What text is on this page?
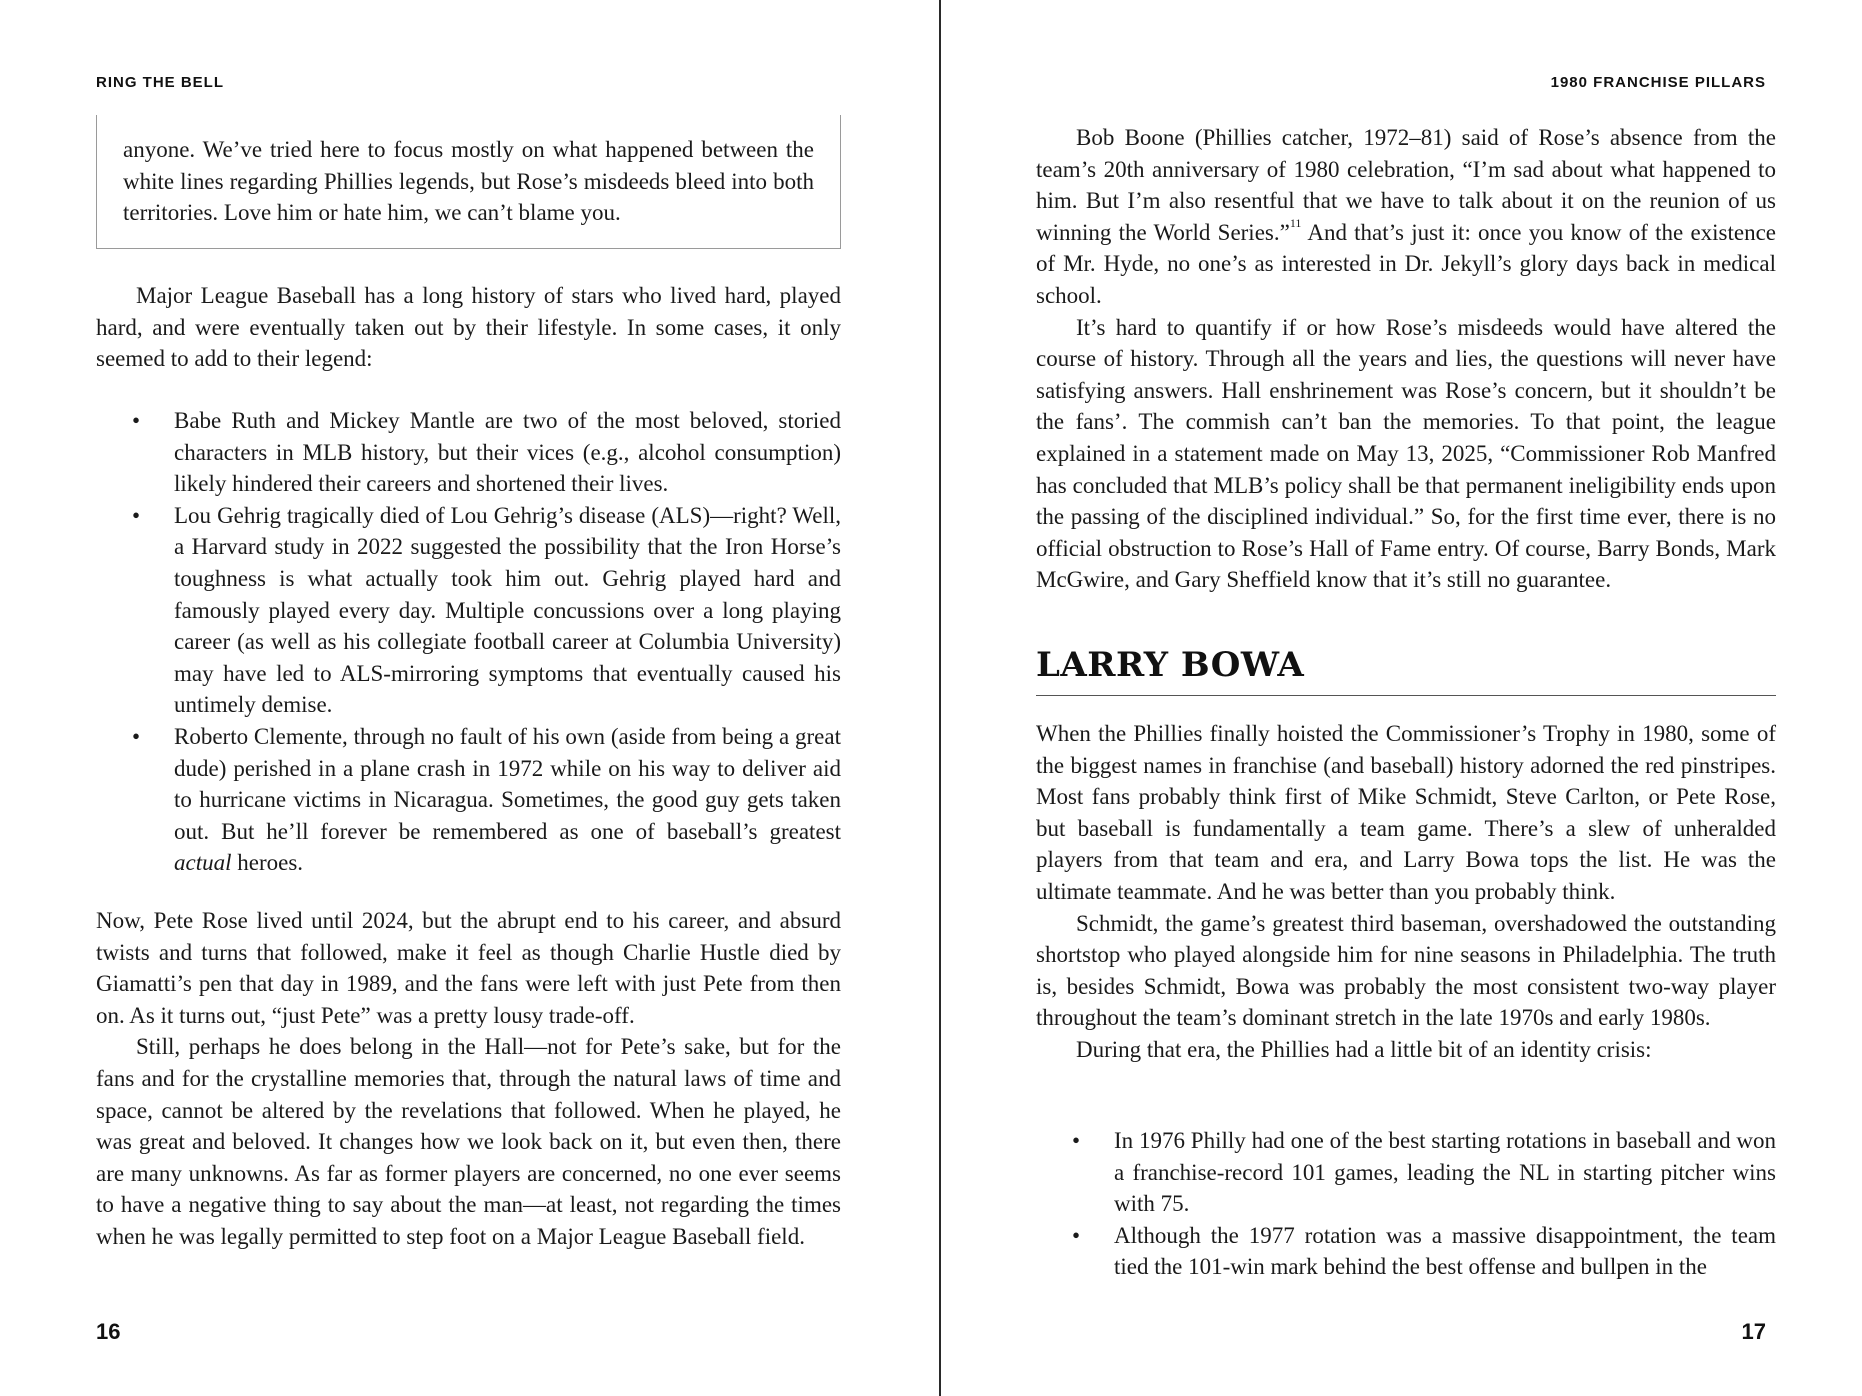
RING THE BELL
anyone. We’ve tried here to focus mostly on what happened between the white lines regarding Phillies legends, but Rose’s misdeeds bleed into both territories. Love him or hate him, we can’t blame you.

Major League Baseball has a long history of stars who lived hard, played hard, and were eventually taken out by their lifestyle. In some cases, it only seemed to add to their legend:

• Babe Ruth and Mickey Mantle are two of the most beloved, storied characters in MLB history, but their vices (e.g., alcohol consumption) likely hindered their careers and shortened their lives.
• Lou Gehrig tragically died of Lou Gehrig’s disease (ALS)—right? Well, a Harvard study in 2022 suggested the possibility that the Iron Horse’s toughness is what actually took him out. Gehrig played hard and famously played every day. Multiple concussions over a long playing career (as well as his collegiate football career at Columbia University) may have led to ALS-mirroring symptoms that eventually caused his untimely demise.
• Roberto Clemente, through no fault of his own (aside from being a great dude) perished in a plane crash in 1972 while on his way to deliver aid to hurricane victims in Nicaragua. Sometimes, the good guy gets taken out. But he’ll forever be remembered as one of baseball’s greatest actual heroes.

Now, Pete Rose lived until 2024, but the abrupt end to his career, and absurd twists and turns that followed, make it feel as though Charlie Hustle died by Giamatti’s pen that day in 1989, and the fans were left with just Pete from then on. As it turns out, “just Pete” was a pretty lousy trade-off.

Still, perhaps he does belong in the Hall—not for Pete’s sake, but for the fans and for the crystalline memories that, through the natural laws of time and space, cannot be altered by the revelations that followed. When he played, he was great and beloved. It changes how we look back on it, but even then, there are many unknowns. As far as former players are concerned, no one ever seems to have a negative thing to say about the man—at least, not regarding the times when he was legally permitted to step foot on a Major League Baseball field.

16
1980 FRANCHISE PILLARS

Bob Boone (Phillies catcher, 1972–81) said of Rose’s absence from the team’s 20th anniversary of 1980 celebration, “I’m sad about what happened to him. But I’m also resentful that we have to talk about it on the reunion of us winning the World Series.”$^{11}$ And that’s just it: once you know of the existence of Mr. Hyde, no one’s as interested in Dr. Jekyll’s glory days back in medical school.

It’s hard to quantify if or how Rose’s misdeeds would have altered the course of history. Through all the years and lies, the questions will never have satisfying answers. Hall enshrinement was Rose’s concern, but it shouldn’t be the fans’. The commish can’t ban the memories. To that point, the league explained in a statement made on May 13, 2025, “Commissioner Rob Manfred has concluded that MLB’s policy shall be that permanent ineligibility ends upon the passing of the disciplined individual.” So, for the first time ever, there is no official obstruction to Rose’s Hall of Fame entry. Of course, Barry Bonds, Mark McGwire, and Gary Sheffield know that it’s still no guarantee.

LARRY BOWA

When the Phillies finally hoisted the Commissioner’s Trophy in 1980, some of the biggest names in franchise (and baseball) history adorned the red pinstripes. Most fans probably think first of Mike Schmidt, Steve Carlton, or Pete Rose, but baseball is fundamentally a team game. There’s a slew of unheralded players from that team and era, and Larry Bowa tops the list. He was the ultimate teammate. And he was better than you probably think.

Schmidt, the game’s greatest third baseman, overshadowed the outstanding shortstop who played alongside him for nine seasons in Philadelphia. The truth is, besides Schmidt, Bowa was probably the most consistent two-way player throughout the team’s dominant stretch in the late 1970s and early 1980s.

During that era, the Phillies had a little bit of an identity crisis:

• In 1976 Philly had one of the best starting rotations in baseball and won a franchise-record 101 games, leading the NL in starting pitcher wins with 75.
• Although the 1977 rotation was a massive disappointment, the team tied the 101-win mark behind the best offense and bullpen in the
17
